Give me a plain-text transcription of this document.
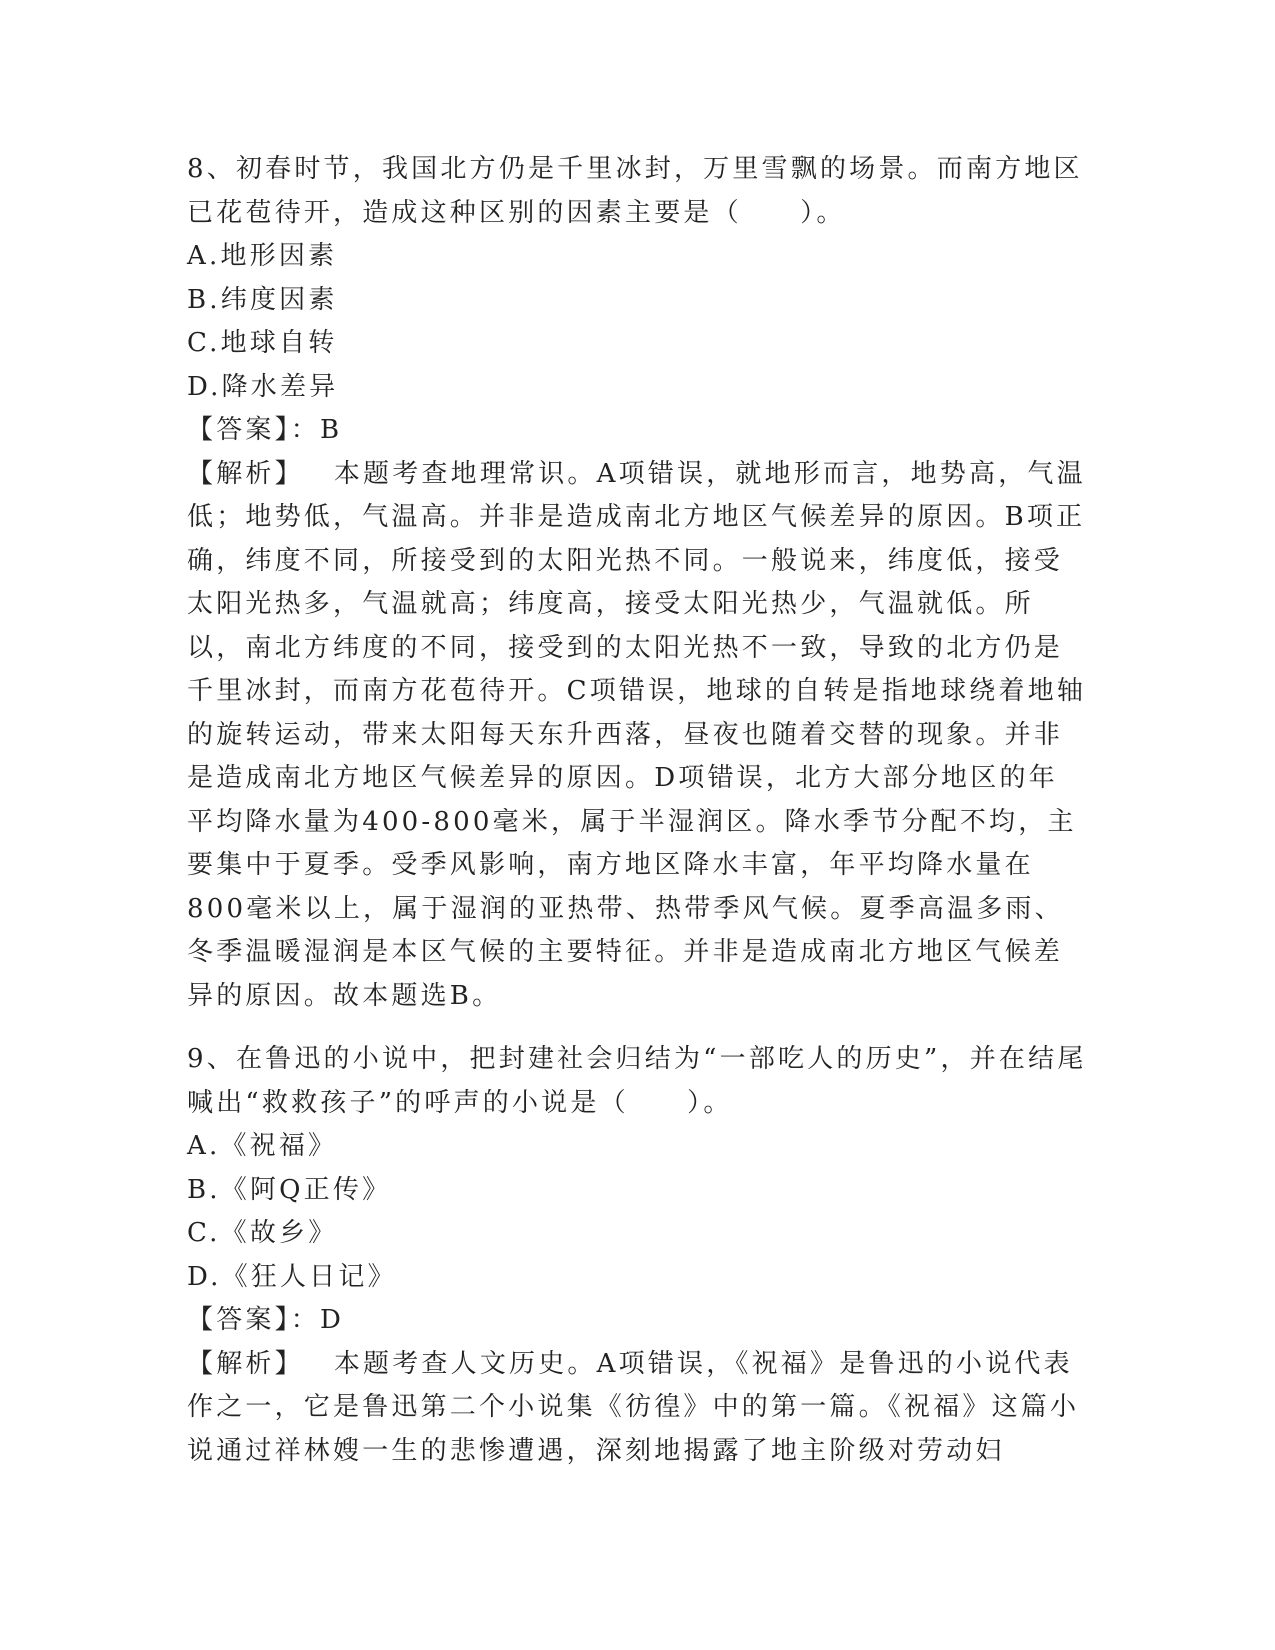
8、初春时节，我国北方仍是千里冰封，万里雪飘的场景。而南方地区已花苞待开，造成这种区别的因素主要是（　　）。

A.地形因素

B.纬度因素

C.地球自转

D.降水差异

【答案】：B

【解析】 本题考查地理常识。A项错误，就地形而言，地势高，气温低；地势低，气温高。并非是造成南北方地区气候差异的原因。B项正确，纬度不同，所接受到的太阳光热不同。一般说来，纬度低，接受太阳光热多，气温就高；纬度高，接受太阳光热少，气温就低。所以，南北方纬度的不同，接受到的太阳光热不一致，导致的北方仍是千里冰封，而南方花苞待开。C项错误，地球的自转是指地球绕着地轴的旋转运动，带来太阳每天东升西落，昼夜也随着交替的现象。并非是造成南北方地区气候差异的原因。D项错误，北方大部分地区的年平均降水量为400-800毫米，属于半湿润区。降水季节分配不均，主要集中于夏季。受季风影响，南方地区降水丰富，年平均降水量在800毫米以上，属于湿润的亚热带、热带季风气候。夏季高温多雨、冬季温暖湿润是本区气候的主要特征。并非是造成南北方地区气候差异的原因。故本题选B。

9、在鲁迅的小说中，把封建社会归结为“一部吃人的历史”，并在结尾喊出“救救孩子”的呼声的小说是（　　）。

A.《祝福》

B.《阿Q正传》

C.《故乡》

D.《狂人日记》

【答案】：D

【解析】 本题考查人文历史。A项错误，《祝福》是鲁迅的小说代表作之一，它是鲁迅第二个小说集《彷徨》中的第一篇。《祝福》这篇小说通过祥林嫂一生的悲惨遭遇，深刻地揭露了地主阶级对劳动妇
